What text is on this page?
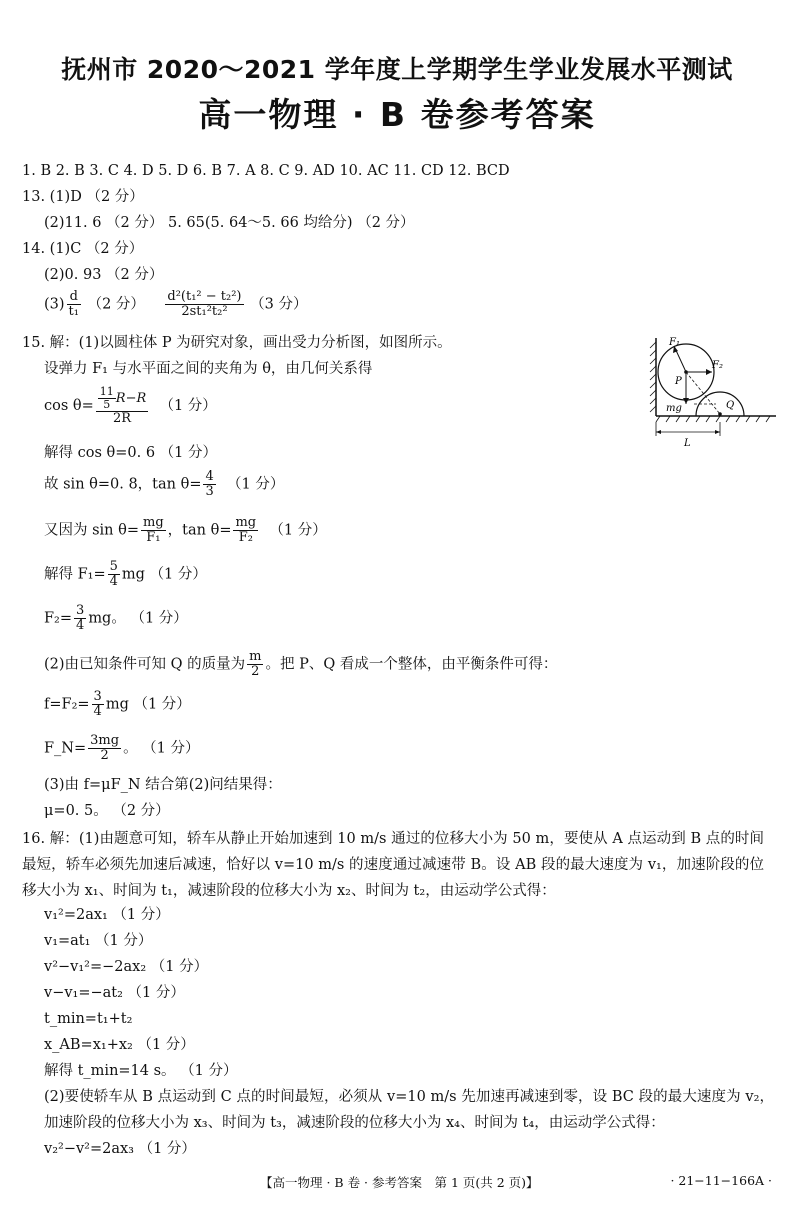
抚州市 2020～2021 学年度上学期学生学业发展水平测试
高一物理 · B 卷参考答案
1. B 2. B 3. C 4. D 5. D 6. B 7. A 8. C 9. AD 10. AC 11. CD 12. BCD
13. (1)D （2 分）
(2)11. 6 （2 分） 5. 65(5. 64～5. 66 均给分) （2 分）
14. (1)C （2 分）
(2)0. 93 （2 分）
$(3) \frac{d}{\text{t₁}} (2$ 分） $\frac{\text{d²(t₁² − t₂²)}}{\text{2st₁²t₂²}} (3$ 分）
15. 解：(1)以圆柱体 P 为研究对象，画出受力分析图，如图所示。
设弹力 F₁ 与水平面之间的夹角为 θ，由几何关系得
$\cos \theta= \frac{\frac{11}{5} R-R}{2R} (1$ 分）
解得 cos θ=0. 6 （1 分）
故 sin θ=0. 8，$\tan \theta= \frac{4}{3} (1$ 分）
又因为 $\sin \theta= \frac{mg}{\text{F₁}}$ ，$\tan \theta= \frac{mg}{\text{F₂}} (1$ 分）
解得 $F_1= \frac{5}{4}$ mg （1 分）
$F_2= \frac{3}{4}$ mg。 （1 分）
(2)由已知条件可知 Q 的质量为 $\frac{m}{2}$ 。把 P、Q 看成一个整体，由平衡条件可得：
$f=F_2= \frac{3}{4}$ mg （1 分）
F_N= $\frac{3mg}{2}$ 。 （1 分）
(3)由 f=μF_N 结合第(2)问结果得：
μ=0. 5。 （2 分）
F₁
F₂
P
Q
mg
L
16. 解：(1)由题意可知，轿车从静止开始加速到 10 m/s 通过的位移大小为 50 m，要使从 A 点运动到 B 点的时间最短，轿车必须先加速后减速，恰好以 v=10 m/s 的速度通过减速带 B。设 AB 段的最大速度为 v₁，加速阶段的位移大小为 x₁、时间为 t₁，减速阶段的位移大小为 x₂、时间为 t₂，由运动学公式得：
v₁²=2ax₁ （1 分）
v₁=at₁ （1 分）
v²−v₁²=−2ax₂ （1 分）
v−v₁=−at₂ （1 分）
t_min=t₁+t₂
x_AB=x₁+x₂ （1 分）
解得 t_min=14 s。 （1 分）
(2)要使轿车从 B 点运动到 C 点的时间最短，必须从 v=10 m/s 先加速再减速到零，设 BC 段的最大速度为 v₂，加速阶段的位移大小为 x₃、时间为 t₃，减速阶段的位移大小为 x₄、时间为 t₄，由运动学公式得：
v₂²−v²=2ax₃ （1 分）
【高一物理 · B 卷 · 参考答案　第 1 页(共 2 页)】	· 21−11−166A ·
